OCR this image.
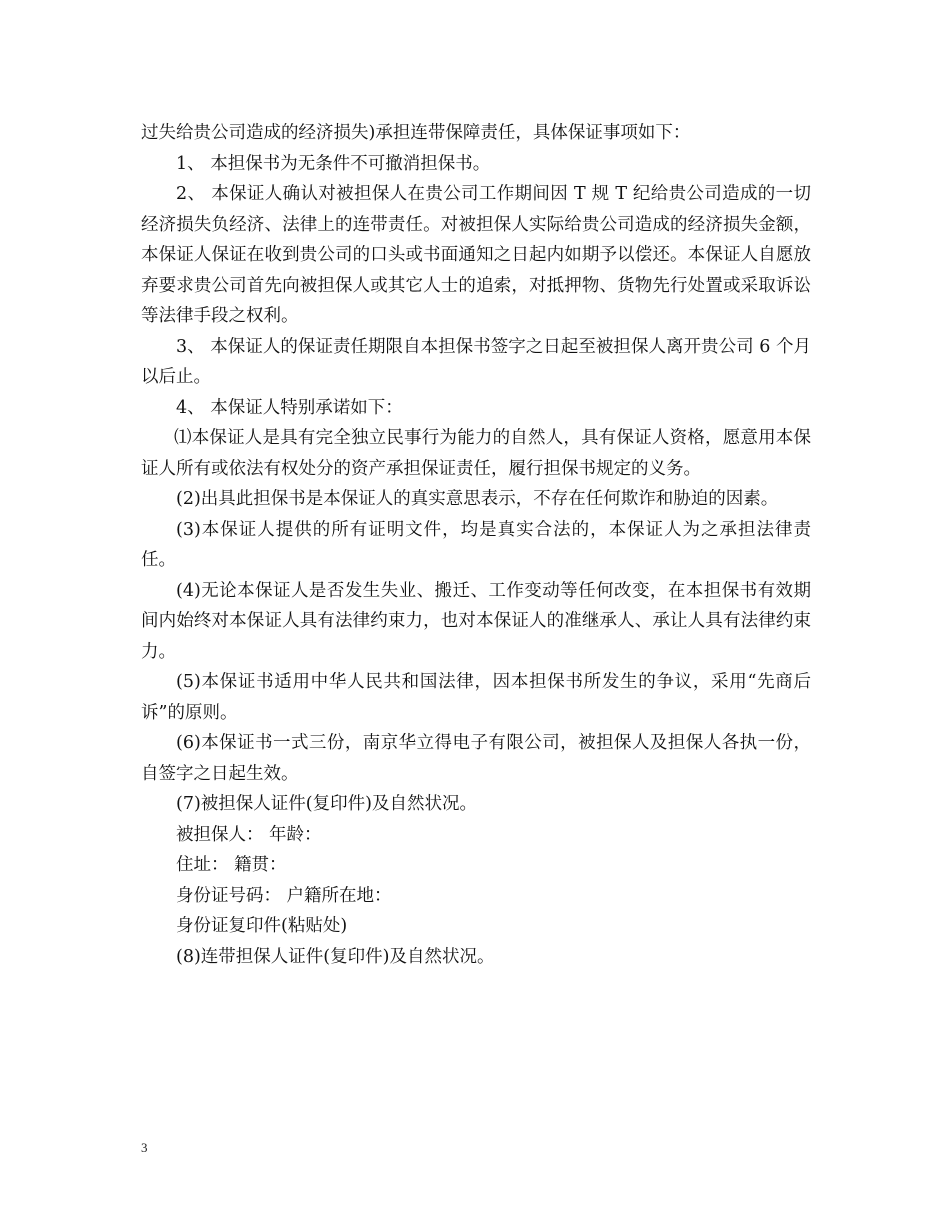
过失给贵公司造成的经济损失)承担连带保障责任，具体保证事项如下：

1、 本担保书为无条件不可撤消担保书。

2、 本保证人确认对被担保人在贵公司工作期间因 T 规 T 纪给贵公司造成的一切经济损失负经济、法律上的连带责任。对被担保人实际给贵公司造成的经济损失金额，本保证人保证在收到贵公司的口头或书面通知之日起内如期予以偿还。本保证人自愿放弃要求贵公司首先向被担保人或其它人士的追索，对抵押物、货物先行处置或采取诉讼等法律手段之权利。

3、 本保证人的保证责任期限自本担保书签字之日起至被担保人离开贵公司 6 个月以后止。

4、 本保证人特别承诺如下：

⑴本保证人是具有完全独立民事行为能力的自然人，具有保证人资格，愿意用本保证人所有或依法有权处分的资产承担保证责任，履行担保书规定的义务。

(2)出具此担保书是本保证人的真实意思表示，不存在任何欺诈和胁迫的因素。

(3)本保证人提供的所有证明文件，均是真实合法的，本保证人为之承担法律责任。

(4)无论本保证人是否发生失业、搬迁、工作变动等任何改变，在本担保书有效期间内始终对本保证人具有法律约束力，也对本保证人的准继承人、承让人具有法律约束力。

(5)本保证书适用中华人民共和国法律，因本担保书所发生的争议，采用“先商后诉”的原则。

(6)本保证书一式三份，南京华立得电子有限公司，被担保人及担保人各执一份，自签字之日起生效。

(7)被担保人证件(复印件)及自然状况。

被担保人： 年龄：

住址： 籍贯：

身份证号码： 户籍所在地：

身份证复印件(粘贴处)

(8)连带担保人证件(复印件)及自然状况。

3
